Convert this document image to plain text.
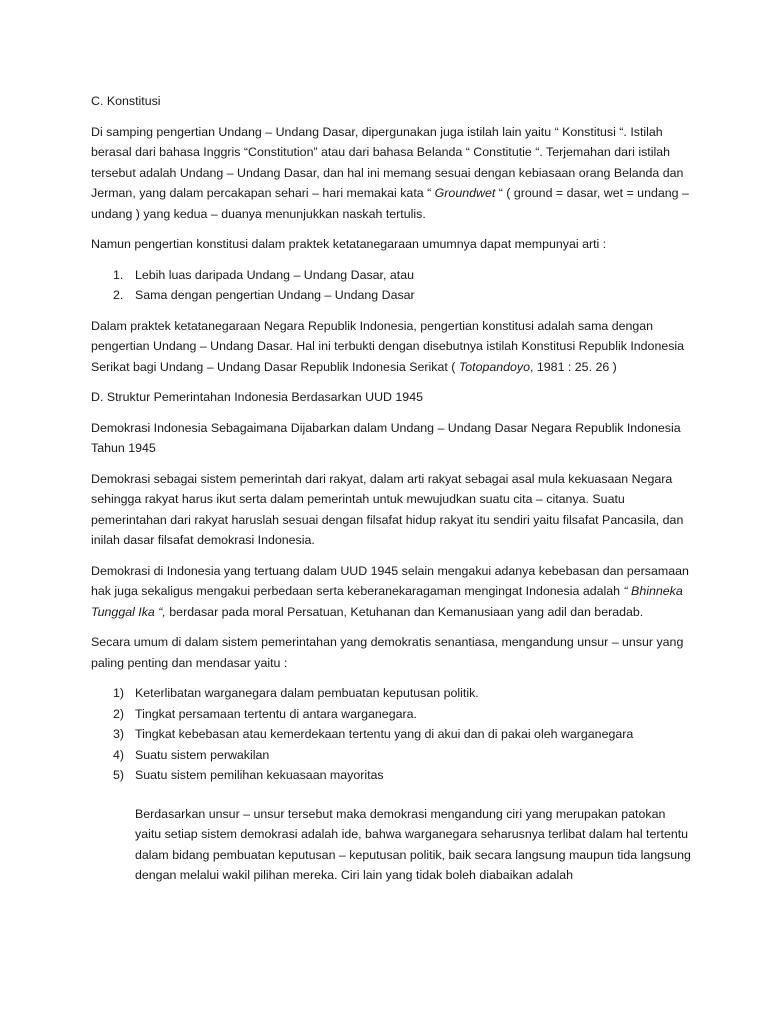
C. Konstitusi

Di samping pengertian Undang – Undang Dasar, dipergunakan juga istilah lain yaitu “ Konstitusi “. Istilah berasal dari bahasa Inggris “Constitution” atau dari bahasa Belanda “ Constitutie “. Terjemahan dari istilah tersebut adalah Undang – Undang Dasar, dan hal ini memang sesuai dengan kebiasaan orang Belanda dan Jerman, yang dalam percakapan sehari – hari memakai kata “ Groundwet “ ( ground = dasar, wet = undang –undang ) yang kedua – duanya menunjukkan naskah tertulis.

Namun pengertian konstitusi dalam praktek ketatanegaraan umumnya dapat mempunyai arti :

1. Lebih luas daripada Undang – Undang Dasar, atau
2. Sama dengan pengertian Undang – Undang Dasar

Dalam praktek ketatanegaraan Negara Republik Indonesia, pengertian konstitusi adalah sama dengan pengertian Undang – Undang Dasar. Hal ini terbukti dengan disebutnya istilah Konstitusi Republik Indonesia Serikat bagi Undang – Undang Dasar Republik Indonesia Serikat ( Totopandoyo, 1981 : 25. 26 )

D. Struktur Pemerintahan Indonesia Berdasarkan UUD 1945

Demokrasi Indonesia Sebagaimana Dijabarkan dalam Undang – Undang Dasar Negara Republik Indonesia Tahun 1945

Demokrasi sebagai sistem pemerintah dari rakyat, dalam arti rakyat sebagai asal mula kekuasaan Negara sehingga rakyat harus ikut serta dalam pemerintah untuk mewujudkan suatu cita – citanya. Suatu pemerintahan dari rakyat haruslah sesuai dengan filsafat hidup rakyat itu sendiri yaitu filsafat Pancasila, dan inilah dasar filsafat demokrasi Indonesia.

Demokrasi di Indonesia yang tertuang dalam UUD 1945 selain mengakui adanya kebebasan dan persamaan hak juga sekaligus mengakui perbedaan serta keberanekaragaman mengingat Indonesia adalah “ Bhinneka Tunggal Ika “, berdasar pada moral Persatuan, Ketuhanan dan Kemanusiaan yang adil dan beradab.

Secara umum di dalam sistem pemerintahan yang demokratis senantiasa, mengandung unsur – unsur yang paling penting dan mendasar yaitu :

1) Keterlibatan warganegara dalam pembuatan keputusan politik.
2) Tingkat persamaan tertentu di antara warganegara.
3) Tingkat kebebasan atau kemerdekaan tertentu yang di akui dan di pakai oleh warganegara
4) Suatu sistem perwakilan
5) Suatu sistem pemilihan kekuasaan mayoritas

Berdasarkan unsur – unsur tersebut maka demokrasi mengandung ciri yang merupakan patokan yaitu setiap sistem demokrasi adalah ide, bahwa warganegara seharusnya terlibat dalam hal tertentu dalam bidang pembuatan keputusan – keputusan politik, baik secara langsung maupun tida langsung dengan melalui wakil pilihan mereka. Ciri lain yang tidak boleh diabaikan adalah
